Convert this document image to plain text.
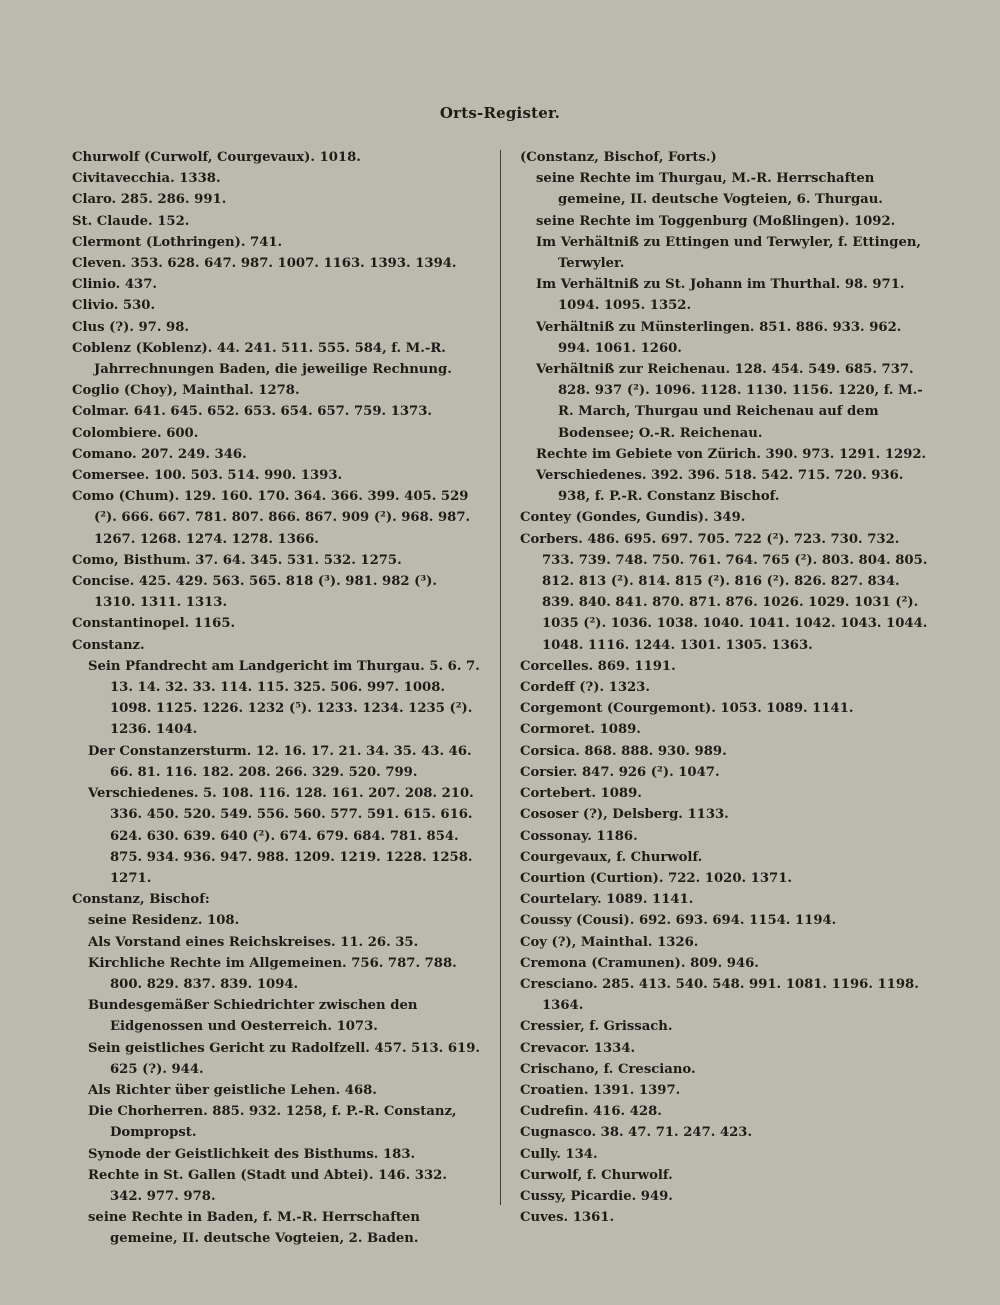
Orts-Register.

Churwolf (Curwolf, Courgevaux). 1018.

Civitavecchia. 1338.

Claro. 285. 286. 991.

St. Claude. 152.

Clermont (Lothringen). 741.

Cleven. 353. 628. 647. 987. 1007. 1163. 1393. 1394.

Clinio. 437.

Clivio. 530.

Clus (?). 97. 98.

Coblenz (Koblenz). 44. 241. 511. 555. 584, f. M.-R. Jahrrechnungen Baden, die jeweilige Rechnung.

Coglio (Choy), Mainthal. 1278.

Colmar. 641. 645. 652. 653. 654. 657. 759. 1373.

Colombiere. 600.

Comano. 207. 249. 346.

Comersee. 100. 503. 514. 990. 1393.

Como (Chum). 129. 160. 170. 364. 366. 399. 405. 529 (²). 666. 667. 781. 807. 866. 867. 909 (²). 968. 987. 1267. 1268. 1274. 1278. 1366.

Como, Bisthum. 37. 64. 345. 531. 532. 1275.

Concise. 425. 429. 563. 565. 818 (³). 981. 982 (³). 1310. 1311. 1313.

Constantinopel. 1165.

Constanz.

Sein Pfandrecht am Landgericht im Thurgau. 5. 6. 7. 13. 14. 32. 33. 114. 115. 325. 506. 997. 1008. 1098. 1125. 1226. 1232 (⁵). 1233. 1234. 1235 (²). 1236. 1404.

Der Constanzersturm. 12. 16. 17. 21. 34. 35. 43. 46. 66. 81. 116. 182. 208. 266. 329. 520. 799.

Verschiedenes. 5. 108. 116. 128. 161. 207. 208. 210. 336. 450. 520. 549. 556. 560. 577. 591. 615. 616. 624. 630. 639. 640 (²). 674. 679. 684. 781. 854. 875. 934. 936. 947. 988. 1209. 1219. 1228. 1258. 1271.

Constanz, Bischof:

seine Residenz. 108.

Als Vorstand eines Reichskreises. 11. 26. 35.

Kirchliche Rechte im Allgemeinen. 756. 787. 788. 800. 829. 837. 839. 1094.

Bundesgemäßer Schiedrichter zwischen den Eidgenossen und Oesterreich. 1073.

Sein geistliches Gericht zu Radolfzell. 457. 513. 619. 625 (?). 944.

Als Richter über geistliche Lehen. 468.

Die Chorherren. 885. 932. 1258, f. P.-R. Constanz, Dompropst.

Synode der Geistlichkeit des Bisthums. 183.

Rechte in St. Gallen (Stadt und Abtei). 146. 332. 342. 977. 978.

seine Rechte in Baden, f. M.-R. Herrschaften gemeine, II. deutsche Vogteien, 2. Baden.

(Constanz, Bischof, Forts.)

seine Rechte im Thurgau, M.-R. Herrschaften gemeine, II. deutsche Vogteien, 6. Thurgau.

seine Rechte im Toggenburg (Moßlingen). 1092.

Im Verhältniß zu Ettingen und Terwyler, f. Ettingen, Terwyler.

Im Verhältniß zu St. Johann im Thurthal. 98. 971. 1094. 1095. 1352.

Verhältniß zu Münsterlingen. 851. 886. 933. 962. 994. 1061. 1260.

Verhältniß zur Reichenau. 128. 454. 549. 685. 737. 828. 937 (²). 1096. 1128. 1130. 1156. 1220, f. M.-R. March, Thurgau und Reichenau auf dem Bodensee; O.-R. Reichenau.

Rechte im Gebiete von Zürich. 390. 973. 1291. 1292.

Verschiedenes. 392. 396. 518. 542. 715. 720. 936. 938, f. P.-R. Constanz Bischof.

Contey (Gondes, Gundis). 349.

Corbers. 486. 695. 697. 705. 722 (²). 723. 730. 732. 733. 739. 748. 750. 761. 764. 765 (²). 803. 804. 805. 812. 813 (²). 814. 815 (²). 816 (²). 826. 827. 834. 839. 840. 841. 870. 871. 876. 1026. 1029. 1031 (²). 1035 (²). 1036. 1038. 1040. 1041. 1042. 1043. 1044. 1048. 1116. 1244. 1301. 1305. 1363.

Corcelles. 869. 1191.

Cordeff (?). 1323.

Corgemont (Courgemont). 1053. 1089. 1141.

Cormoret. 1089.

Corsica. 868. 888. 930. 989.

Corsier. 847. 926 (²). 1047.

Cortebert. 1089.

Cososer (?), Delsberg. 1133.

Cossonay. 1186.

Courgevaux, f. Churwolf.

Courtion (Curtion). 722. 1020. 1371.

Courtelary. 1089. 1141.

Coussy (Cousi). 692. 693. 694. 1154. 1194.

Coy (?), Mainthal. 1326.

Cremona (Cramunen). 809. 946.

Cresciano. 285. 413. 540. 548. 991. 1081. 1196. 1198. 1364.

Cressier, f. Grissach.

Crevacor. 1334.

Crischano, f. Cresciano.

Croatien. 1391. 1397.

Cudrefin. 416. 428.

Cugnasco. 38. 47. 71. 247. 423.

Cully. 134.

Curwolf, f. Churwolf.

Cussy, Picardie. 949.

Cuves. 1361.
